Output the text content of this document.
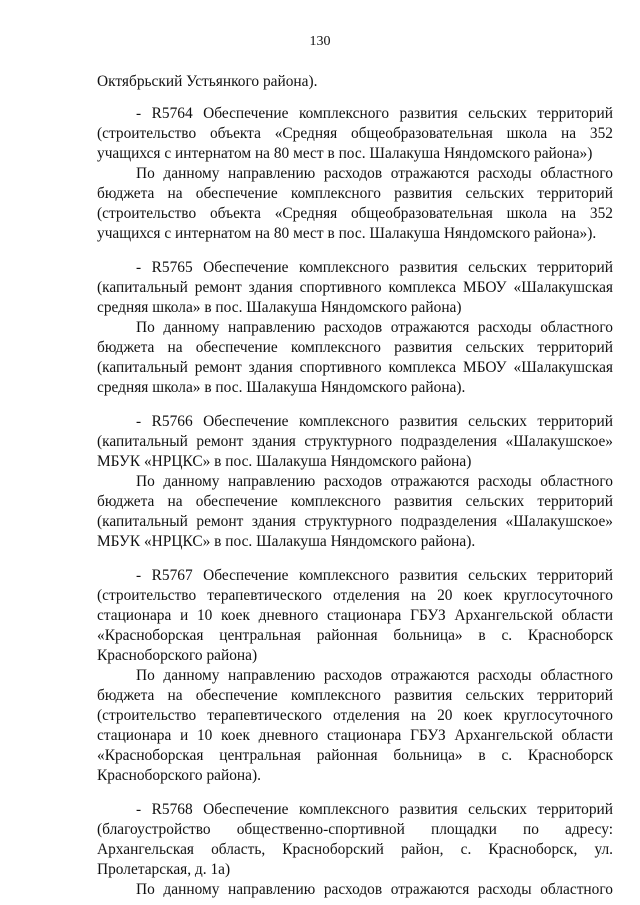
130
Октябрьский Устьянкого района).
- R5764 Обеспечение комплексного развития сельских территорий
(строительство объекта «Средняя общеобразовательная школа на 352
учащихся с интернатом на 80 мест в пос. Шалакуша Няндомского района»)
По данному направлению расходов отражаются расходы областного
бюджета на обеспечение комплексного развития сельских территорий
(строительство объекта «Средняя общеобразовательная школа на 352
учащихся с интернатом на 80 мест в пос. Шалакуша Няндомского района»).
- R5765 Обеспечение комплексного развития сельских территорий
(капитальный ремонт здания спортивного комплекса МБОУ «Шалакушская
средняя школа» в пос. Шалакуша Няндомского района)
По данному направлению расходов отражаются расходы областного
бюджета на обеспечение комплексного развития сельских территорий
(капитальный ремонт здания спортивного комплекса МБОУ «Шалакушская
средняя школа» в пос. Шалакуша Няндомского района).
- R5766 Обеспечение комплексного развития сельских территорий
(капитальный ремонт здания структурного подразделения «Шалакушское»
МБУК «НРЦКС» в пос. Шалакуша Няндомского района)
По данному направлению расходов отражаются расходы областного
бюджета на обеспечение комплексного развития сельских территорий
(капитальный ремонт здания структурного подразделения «Шалакушское»
МБУК «НРЦКС» в пос. Шалакуша Няндомского района).
- R5767 Обеспечение комплексного развития сельских территорий
(строительство терапевтического отделения на 20 коек круглосуточного
стационара и 10 коек дневного стационара ГБУЗ Архангельской области
«Красноборская центральная районная больница» в с. Красноборск
Красноборского района)
По данному направлению расходов отражаются расходы областного
бюджета на обеспечение комплексного развития сельских территорий
(строительство терапевтического отделения на 20 коек круглосуточного
стационара и 10 коек дневного стационара ГБУЗ Архангельской области
«Красноборская центральная районная больница» в с. Красноборск
Красноборского района).
- R5768 Обеспечение комплексного развития сельских территорий
(благоустройство общественно-спортивной площадки по адресу:
Архангельская область, Красноборский район, с. Красноборск, ул.
Пролетарская, д. 1а)
По данному направлению расходов отражаются расходы областного
